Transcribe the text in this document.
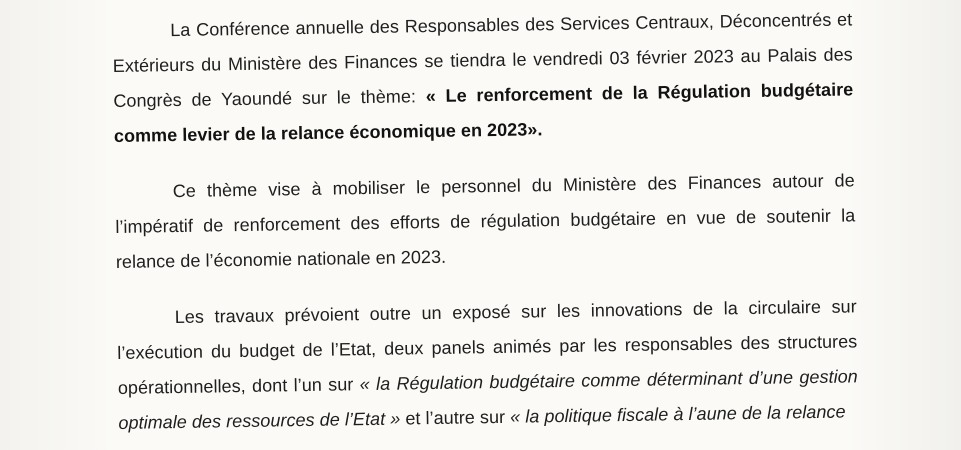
La Conférence annuelle des Responsables des Services Centraux, Déconcentrés et Extérieurs du Ministère des Finances se tiendra le vendredi 03 février 2023 au Palais des Congrès de Yaoundé sur le thème: « Le renforcement de la Régulation budgétaire comme levier de la relance économique en 2023».

Ce thème vise à mobiliser le personnel du Ministère des Finances autour de l’impératif de renforcement des efforts de régulation budgétaire en vue de soutenir la relance de l’économie nationale en 2023.

Les travaux prévoient outre un exposé sur les innovations de la circulaire sur l’exécution du budget de l’Etat, deux panels animés par les responsables des structures opérationnelles, dont l’un sur « la Régulation budgétaire comme déterminant d’une gestion optimale des ressources de l’Etat » et l’autre sur « la politique fiscale à l’aune de la relance
